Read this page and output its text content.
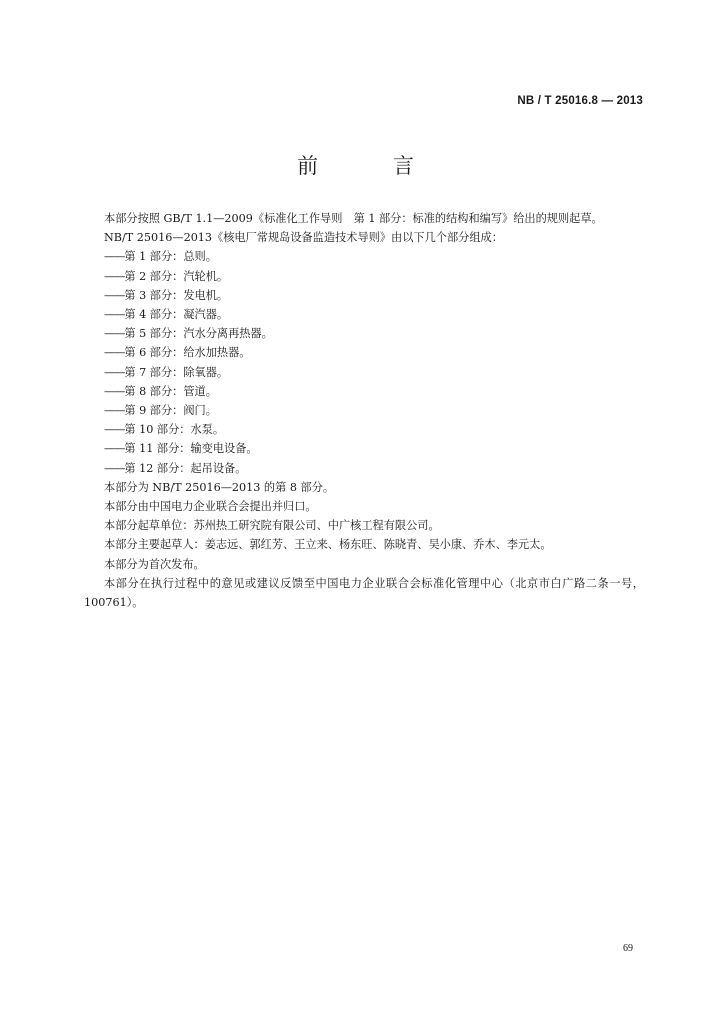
NB / T 25016.8 — 2013
前 言

本部分按照 GB/T 1.1—2009《标准化工作导则　第 1 部分：标准的结构和编写》给出的规则起草。

NB/T 25016—2013《核电厂常规岛设备监造技术导则》由以下几个部分组成：

——第 1 部分：总则。

——第 2 部分：汽轮机。

——第 3 部分：发电机。

——第 4 部分：凝汽器。

——第 5 部分：汽水分离再热器。

——第 6 部分：给水加热器。

——第 7 部分：除氧器。

——第 8 部分：管道。

——第 9 部分：阀门。

——第 10 部分：水泵。

——第 11 部分：输变电设备。

——第 12 部分：起吊设备。

本部分为 NB/T 25016—2013 的第 8 部分。

本部分由中国电力企业联合会提出并归口。

本部分起草单位：苏州热工研究院有限公司、中广核工程有限公司。

本部分主要起草人：姜志远、郭红芳、王立来、杨东旺、陈晓青、吴小康、乔木、李元太。

本部分为首次发布。

本部分在执行过程中的意见或建议反馈至中国电力企业联合会标准化管理中心（北京市白广路二条一号，100761）。

69
